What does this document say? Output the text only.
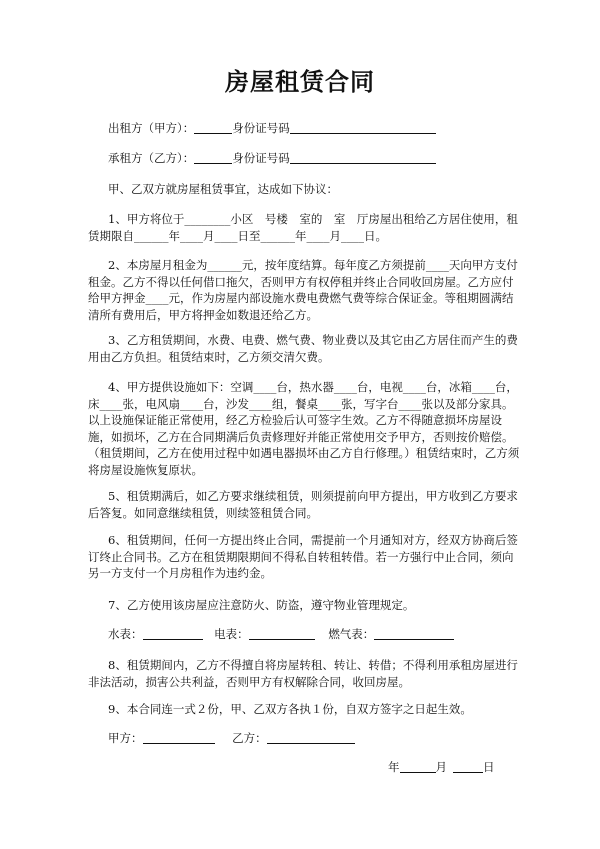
房屋租赁合同
出租方（甲方）：	身份证号码
承租方（乙方）：	身份证号码
甲、乙双方就房屋租赁事宜，达成如下协议：
1、甲方将位于________小区　号楼　室的　室　厅房屋出租给乙方居住使用，租赁期限自______年____月____日至______年____月____日。
2、本房屋月租金为______元，按年度结算。每年度乙方须提前____天向甲方支付租金。乙方不得以任何借口拖欠，否则甲方有权停租并终止合同收回房屋。乙方应付给甲方押金____元，作为房屋内部设施水费电费燃气费等综合保证金。等租期圆满结清所有费用后，甲方将押金如数退还给乙方。
3、乙方租赁期间，水费、电费、燃气费、物业费以及其它由乙方居住而产生的费用由乙方负担。租赁结束时，乙方须交清欠费。
4、甲方提供设施如下：空调____台，热水器____台，电视____台，冰箱____台，床____张，电风扇____台，沙发____组，餐桌____张，写字台____张以及部分家具。以上设施保证能正常使用，经乙方检验后认可签字生效。乙方不得随意损坏房屋设施，如损坏，乙方在合同期满后负责修理好并能正常使用交予甲方，否则按价赔偿。（租赁期间，乙方在使用过程中如遇电器损坏由乙方自行修理。）租赁结束时，乙方须将房屋设施恢复原状。
5、租赁期满后，如乙方要求继续租赁，则须提前向甲方提出，甲方收到乙方要求后答复。如同意继续租赁，则续签租赁合同。
6、租赁期间，任何一方提出终止合同，需提前一个月通知对方，经双方协商后签订终止合同书。乙方在租赁期限期间不得私自转租转借。若一方强行中止合同，须向另一方支付一个月房租作为违约金。
7、乙方使用该房屋应注意防火、防盗，遵守物业管理规定。
水表：	电表：	燃气表：
8、租赁期间内，乙方不得擅自将房屋转租、转让、转借；不得利用承租房屋进行非法活动，损害公共利益，否则甲方有权解除合同，收回房屋。
9、本合同连一式２份，甲、乙双方各执１份，自双方签字之日起生效。
甲方：	乙方：
年	月	日
